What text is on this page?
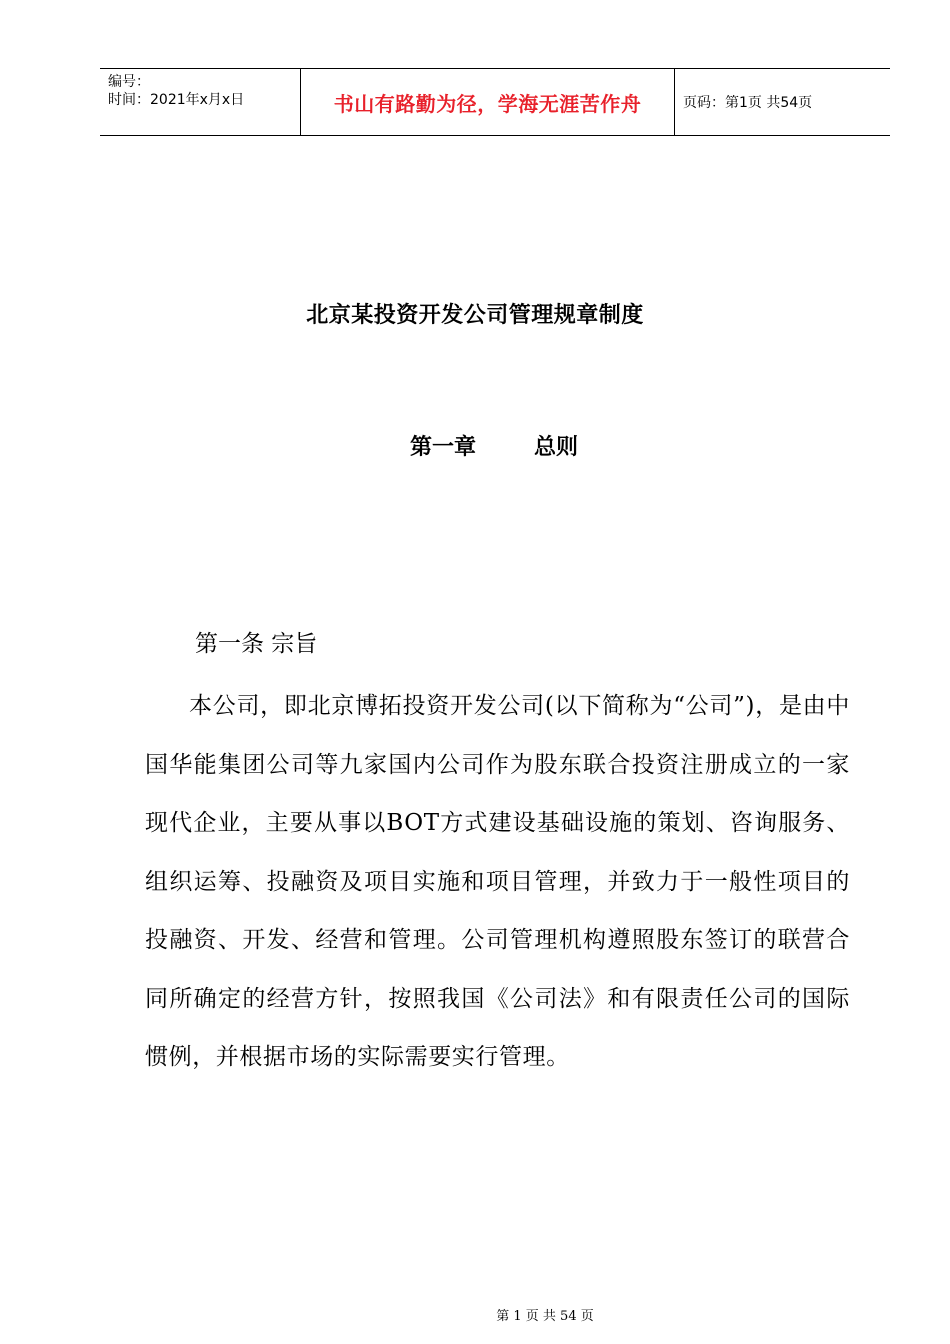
编号：
时间：2021年x月x日	书山有路勤为径，学海无涯苦作舟	页码：第1页 共54页
北京某投资开发公司管理规章制度
第一章	总则
第一条 宗旨
本公司，即北京博拓投资开发公司(以下简称为“公司”)，是由中国华能集团公司等九家国内公司作为股东联合投资注册成立的一家现代企业，主要从事以BOT方式建设基础设施的策划、咨询服务、组织运筹、投融资及项目实施和项目管理，并致力于一般性项目的投融资、开发、经营和管理。公司管理机构遵照股东签订的联营合同所确定的经营方针，按照我国《公司法》和有限责任公司的国际惯例，并根据市场的实际需要实行管理。
第 1 页 共 54 页
